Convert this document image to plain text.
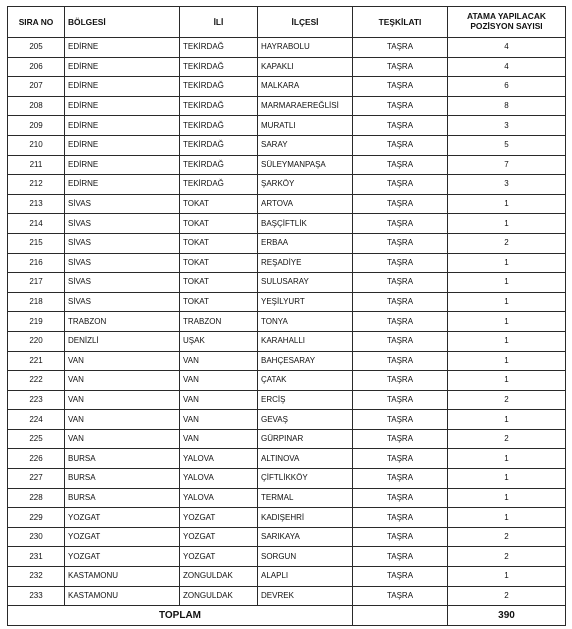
SIRA NO	BÖLGESİ	İLİ	İLÇESİ	TEŞKİLATI	ATAMA YAPILACAK POZİSYON SAYISI
205	EDİRNE	TEKİRDAĞ	HAYRABOLU	TAŞRA	4
206	EDİRNE	TEKİRDAĞ	KAPAKLI	TAŞRA	4
207	EDİRNE	TEKİRDAĞ	MALKARA	TAŞRA	6
208	EDİRNE	TEKİRDAĞ	MARMARAEREĞLİSİ	TAŞRA	8
209	EDİRNE	TEKİRDAĞ	MURATLI	TAŞRA	3
210	EDİRNE	TEKİRDAĞ	SARAY	TAŞRA	5
211	EDİRNE	TEKİRDAĞ	SÜLEYMANPAŞA	TAŞRA	7
212	EDİRNE	TEKİRDAĞ	ŞARKÖY	TAŞRA	3
213	SİVAS	TOKAT	ARTOVA	TAŞRA	1
214	SİVAS	TOKAT	BAŞÇİFTLİK	TAŞRA	1
215	SİVAS	TOKAT	ERBAA	TAŞRA	2
216	SİVAS	TOKAT	REŞADİYE	TAŞRA	1
217	SİVAS	TOKAT	SULUSARAY	TAŞRA	1
218	SİVAS	TOKAT	YEŞİLYURT	TAŞRA	1
219	TRABZON	TRABZON	TONYA	TAŞRA	1
220	DENİZLİ	UŞAK	KARAHALLI	TAŞRA	1
221	VAN	VAN	BAHÇESARAY	TAŞRA	1
222	VAN	VAN	ÇATAK	TAŞRA	1
223	VAN	VAN	ERCİŞ	TAŞRA	2
224	VAN	VAN	GEVAŞ	TAŞRA	1
225	VAN	VAN	GÜRPINAR	TAŞRA	2
226	BURSA	YALOVA	ALTINOVA	TAŞRA	1
227	BURSA	YALOVA	ÇİFTLİKKÖY	TAŞRA	1
228	BURSA	YALOVA	TERMAL	TAŞRA	1
229	YOZGAT	YOZGAT	KADIŞEHRİ	TAŞRA	1
230	YOZGAT	YOZGAT	SARIKAYA	TAŞRA	2
231	YOZGAT	YOZGAT	SORGUN	TAŞRA	2
232	KASTAMONU	ZONGULDAK	ALAPLI	TAŞRA	1
233	KASTAMONU	ZONGULDAK	DEVREK	TAŞRA	2
TOPLAM					390
